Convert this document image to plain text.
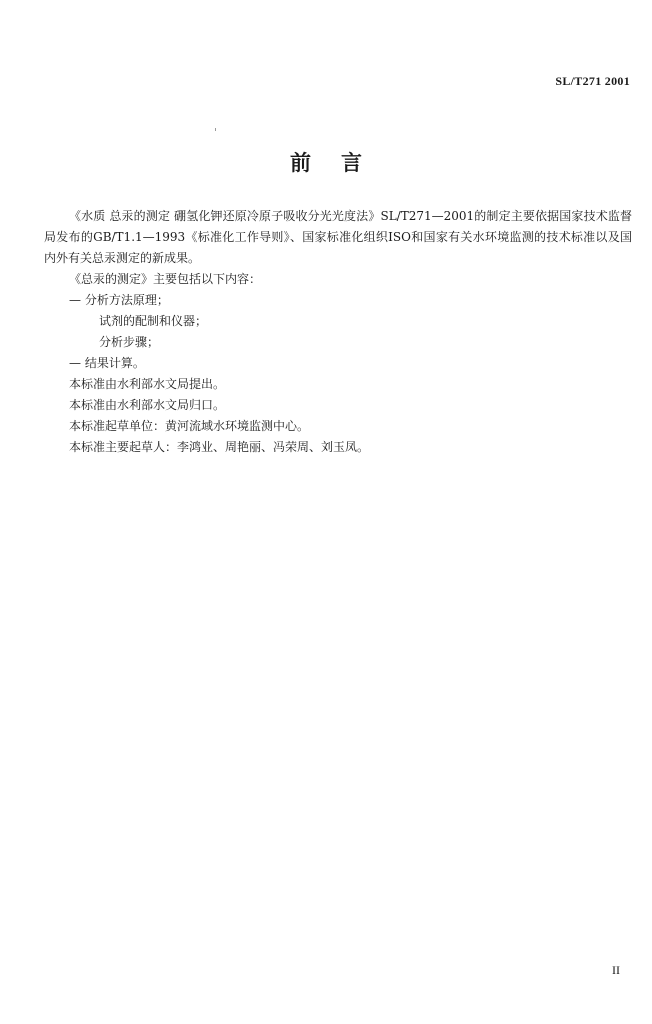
SL/T271 2001
前言

《水质 总汞的测定 硼氢化钾还原冷原子吸收分光光度法》SL/T271—2001的制定主要依据国家技术监督局发布的GB/T1.1—1993《标准化工作导则》、国家标准化组织ISO和国家有关水环境监测的技术标准以及国内外有关总汞测定的新成果。

《总汞的测定》主要包括以下内容：

— 分析方法原理；

试剂的配制和仪器；

分析步骤；

— 结果计算。

本标准由水利部水文局提出。

本标准由水利部水文局归口。

本标准起草单位：黄河流域水环境监测中心。

本标准主要起草人：李鸿业、周艳丽、冯荣周、刘玉凤。

II
